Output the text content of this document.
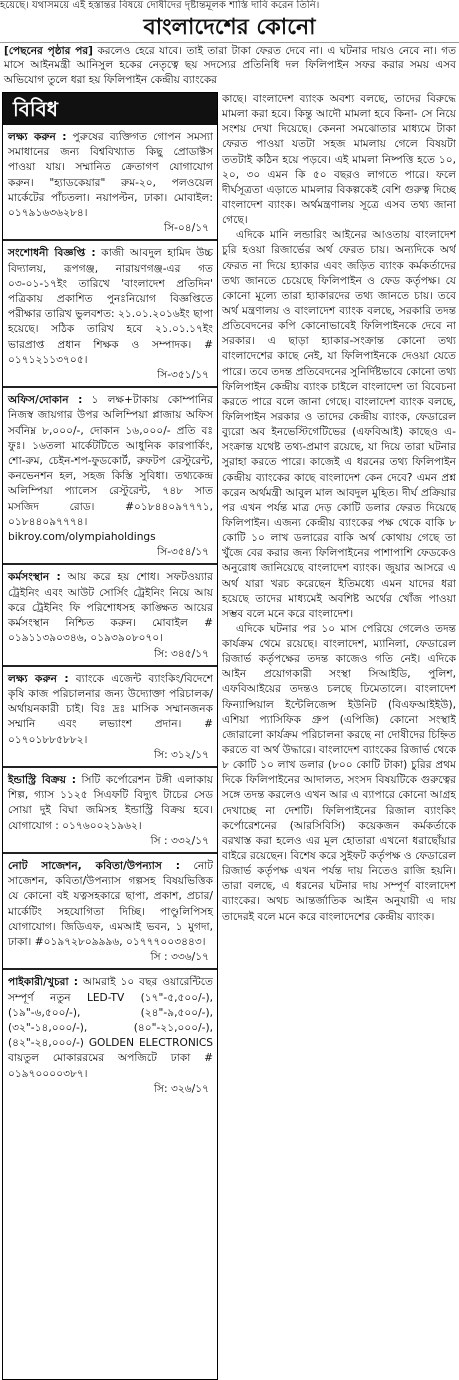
হয়েছে। যথাসময়ে এই হস্তান্তর বিষয়ে দোষীদের দৃষ্টান্তমূলক শাস্তি দাবি করেন তিনি।
বাংলাদেশের কোনো
[পেছনের পৃষ্ঠার পর] করলেও হেরে যাবে। তাই তারা টাকা ফেরত দেবে না। এ ঘটনার দায়ও নেবে না। গত মাসে আইনমন্ত্রী আনিসুল হকের নেতৃত্বে ছয় সদস্যের প্রতিনিধি দল ফিলিপাইন সফর করার সময় এসব অভিযোগ তুলে ধরা হয় ফিলিপাইন কেন্দ্রীয় ব্যাংকের
বিবিধ
লক্ষ্য করুন : পুরুষের ব্যক্তিগত গোপন সমস্যা সমাধানের জন্য বিশ্ববিখ্যাত কিছু প্রোডাক্টস পাওয়া যায়। সম্মানিত ক্রেতাগণ যোগাযোগ করুন। "হ্যাডকেয়ার" রুম-২০, পলওয়েল মার্কেটের পাঁচতলা। নয়াপল্টন, ঢাকা। মোবাইল: ০১৭৯১৬৩৬২৮৪।
সি-০৪/১৭
সংশোধনী বিজ্ঞপ্তি : কাজী আবদুল হামিদ উচ্চ বিদ্যালয়, রূপগঞ্জ, নারায়ণগঞ্জ-এর গত ০৩-০১-১৭ইং তারিখে 'বাংলাদেশ প্রতিদিন' পত্রিকায় প্রকাশিত পুনঃনিয়োগ বিজ্ঞপ্তিতে পরীক্ষার তারিখ ভুলবশত: ২১.০১.২০১৬ইং ছাপা হয়েছে। সঠিক তারিখ হবে ২১.০১.১৭ইং ভারপ্রাপ্ত প্রধান শিক্ষক ও সম্পাদক। # ০১৭১২১১৩৭০৫।
সি-৩৫১/১৭
অফিস/দোকান : ১ লক্ষ+টাকায় কোম্পানির নিজস্ব জায়গার উপর অলিম্পিয়া প্লাজায় অফিস সর্বনিম্ন ৮,০০০/-, দোকান ১৬,০০০/- প্রতি বঃ ফুঃ। ১৬তলা মার্কেটটিতে আধুনিক কারপার্কিং, শো-রুম, চেইন-শপ-ফুডকোর্ট, রুফটপ রেস্টুরেন্ট, কনভেনশন হল, সহজ কিস্তি সুবিধা। তথ্যকেন্দ্র অলিম্পিয়া প্যালেস রেস্টুরেন্ট, ৭৪৮ সাত মসজিদ রোড। #০১৮৪৪০৯৭৭৭১, ০১৮৪৪০৯৭৭৭৪। bikroy.com/olympiaholdings
সি-৩৫৪/১৭
কর্মসংস্থান : আয় করে হয় শোধ। সফটওয়্যার ট্রেইনিং এবং আউট সোর্সিং ট্রেইনিং নিয়ে আয় করে ট্রেইনিং ফি পরিশোধসহ কাঙ্ক্ষিত আয়ের কর্মসংস্থান নিশ্চিত করুন। মোবাইল # ০১৯১১৩৯০৩৪৬, ০১৯৩৯০৮০৭০।
সি: ৩৪৫/১৭
লক্ষ্য করুন : ব্যাংকে এজেন্ট ব্যাংকিং/বিদেশে কৃষি কাজ পরিচালনার জন্য উদ্যোক্তা পরিচালক/অর্থায়নকারী চাই। বিঃ দ্রঃ মাসিক সম্মানজনক সম্মানি এবং লভ্যাংশ প্রদান। # ০১৭০১৮৮৫৮৮২।
সি: ৩১২/১৭
ইন্ডাস্ট্রি বিক্রয় : সিটি কর্পোরেশন টঙ্গী এলাকায় শিল্প, গ্যাস ১১২৫ সিএফটি বিদ্যুৎ টাচের সেড সোয়া দুই বিঘা জমিসহ ইন্ডাস্ট্রি বিক্রয় হবে। যোগাযোগ : ০১৭৬০০২১৯৬২।
সি : ৩৩২/১৭
নোট সাজেশন, কবিতা/উপন্যাস : নোট সাজেশন, কবিতা/উপন্যাস গল্পসহ বিষয়ভিত্তিক যে কোনো বই যত্নসহকারে ছাপা, প্রকাশ, প্রচার/মার্কেটিং সহযোগিতা দিচ্ছি। পাণ্ডুলিপিসহ যোগাযোগ। জিডিএফ, এমআই ভবন, ১ মুগদা, ঢাকা। #০১৯৭২৮০৯৯৯৬, ০১৭৭৭০০৩৪৪৩।
সি : ৩৩৬/১৭
পাইকারী/খুচরা : আমরাই ১০ বছর ওয়ারেন্টিতে সম্পূর্ণ নতুন LED-TV (১৭"-৫,৫০০/-), (১৯"-৬,৫০০/-), (২৪"-৯,৫০০/-), (৩২"-১৪,০০০/-), (৪০"-২১,০০০/-), (৪২"-২৪,০০০/-) GOLDEN ELECTRONICS বায়তুল মোকাররমের অপজিটে ঢাকা # ০১৯৭০০০০৩৮৭।
সি: ৩২৬/১৭

কাছে। বাংলাদেশ ব্যাংক অবশ্য বলছে, তাদের বিরুদ্ধে মামলা করা হবে। কিন্তু আদৌ মামলা হবে কিনা- সে নিয়ে সংশয় দেখা দিয়েছে। কেননা সমঝোতার মাধ্যমে টাকা ফেরত পাওয়া যতটা সহজ মামলায় গেলে বিষয়টা ততটাই কঠিন হয়ে পড়বে। এই মামলা নিষ্পত্তি হতে ১০, ২০, ৩০ এমন কি ৫০ বছরও লাগতে পারে। ফলে দীর্ঘসূত্রতা এড়াতে মামলার বিকল্পকেই বেশি গুরুত্ব দিচ্ছে বাংলাদেশ ব্যাংক। অর্থমন্ত্রণালয় সূত্রে এসব তথ্য জানা গেছে।

এদিকে মানি লন্ডারিং আইনের আওতায় বাংলাদেশ চুরি হওয়া রিজার্ভের অর্থ ফেরত চায়। অন্যদিকে অর্থ ফেরত না দিয়ে হ্যাকার এবং জড়িত ব্যাংক কর্মকর্তাদের তথ্য জানতে চেয়েছে ফিলিপাইন ও ফেড কর্তৃপক্ষ। যে কোনো মূল্যে তারা হ্যাকারদের তথ্য জানতে চায়। তবে অর্থ মন্ত্রণালয় ও বাংলাদেশ ব্যাংক বলছে, সরকারি তদন্ত প্রতিবেদনের কপি কোনোভাবেই ফিলিপাইনকে দেবে না সরকার। এ ছাড়া হ্যাকার-সংক্রান্ত কোনো তথ্য বাংলাদেশের কাছে নেই, যা ফিলিপাইনকে দেওয়া যেতে পারে। তবে তদন্ত প্রতিবেদনের সুনির্দিষ্টভাবে কোনো তথ্য ফিলিপাইন কেন্দ্রীয় ব্যাংক চাইলে বাংলাদেশ তা বিবেচনা করতে পারে বলে জানা গেছে। বাংলাদেশ ব্যাংক বলছে, ফিলিপাইন সরকার ও তাদের কেন্দ্রীয় ব্যাংক, ফেডারেল ব্যুরো অব ইনভেস্টিগেটিভের (এফবিআই) কাছেও এ-সংক্রান্ত যথেষ্ট তথ্য-প্রমাণ রয়েছে, যা দিয়ে তারা ঘটনার সুরাহা করতে পারে। কাজেই এ ধরনের তথ্য ফিলিপাইন কেন্দ্রীয় ব্যাংকের কাছে বাংলাদেশ কেন দেবে? এমন প্রশ্ন করেন অর্থমন্ত্রী আবুল মাল আবদুল মুহিত। দীর্ঘ প্রক্রিয়ার পর এখন পর্যন্ত মাত্র দেড় কোটি ডলার ফেরত দিয়েছে ফিলিপাইন। এজন্য কেন্দ্রীয় ব্যাংকের পক্ষ থেকে বাকি ৮ কোটি ১০ লাখ ডলারের বাকি অর্থ কোথায় গেছে তা খুঁজে বের করার জন্য ফিলিপাইনের পাশাপাশি ফেডকেও অনুরোধ জানিয়েছে বাংলাদেশ ব্যাংক। জুয়ার আসরে এ অর্থ যারা খরচ করেছেন ইতিমধ্যে এমন যাদের ধরা হয়েছে তাদের মাধ্যমেই অবশিষ্ট অর্থের খোঁজ পাওয়া সম্ভব বলে মনে করে বাংলাদেশ।

এদিকে ঘটনার পর ১০ মাস পেরিয়ে গেলেও তদন্ত কার্যক্রম থেমে রয়েছে। বাংলাদেশ, ম্যানিলা, ফেডারেল রিজার্ভ কর্তৃপক্ষের তদন্ত কাজেও গতি নেই। এদিকে আইন প্রয়োগকারী সংস্থা সিআইডি, পুলিশ, এফবিআইয়ের তদন্তও চলছে ঢিমেতালে। বাংলাদেশ ফিন্যান্সিয়াল ইন্টেলিজেন্স ইউনিট (বিএফআইইউ), এশিয়া প্যাসিফিক গ্রুপ (এপিজি) কোনো সংস্থাই জোরালো কার্যক্রম পরিচালনা করছে না দোষীদের চিহ্নিত করতে বা অর্থ উদ্ধারে। বাংলাদেশ ব্যাংকের রিজার্ভ থেকে ৮ কোটি ১০ লাখ ডলার (৮০০ কোটি টাকা) চুরির প্রথম দিকে ফিলিপাইনের আদালত, সংসদ বিষয়টিকে গুরুত্বের সঙ্গে তদন্ত করলেও এখন আর এ ব্যাপারে কোনো আগ্রহ দেখাচ্ছে না দেশটি। ফিলিপাইনের রিজাল ব্যাংকিং কর্পোরেশনের (আরসিবিসি) কয়েকজন কর্মকর্তাকে বরখাস্ত করা হলেও এর মূল হোতারা এখনো ধরাছোঁয়ার বাইরে রয়েছেন। বিশেষ করে সুইফট কর্তৃপক্ষ ও ফেডারেল রিজার্ভ কর্তৃপক্ষ এখন পর্যন্ত দায় নিতেও রাজি হয়নি। তারা বলছে, এ ধরনের ঘটনার দায় সম্পূর্ণ বাংলাদেশ ব্যাংকের। অথচ আন্তর্জাতিক আইন অনুযায়ী এ দায় তাদেরই বলে মনে করে বাংলাদেশের কেন্দ্রীয় ব্যাংক।
